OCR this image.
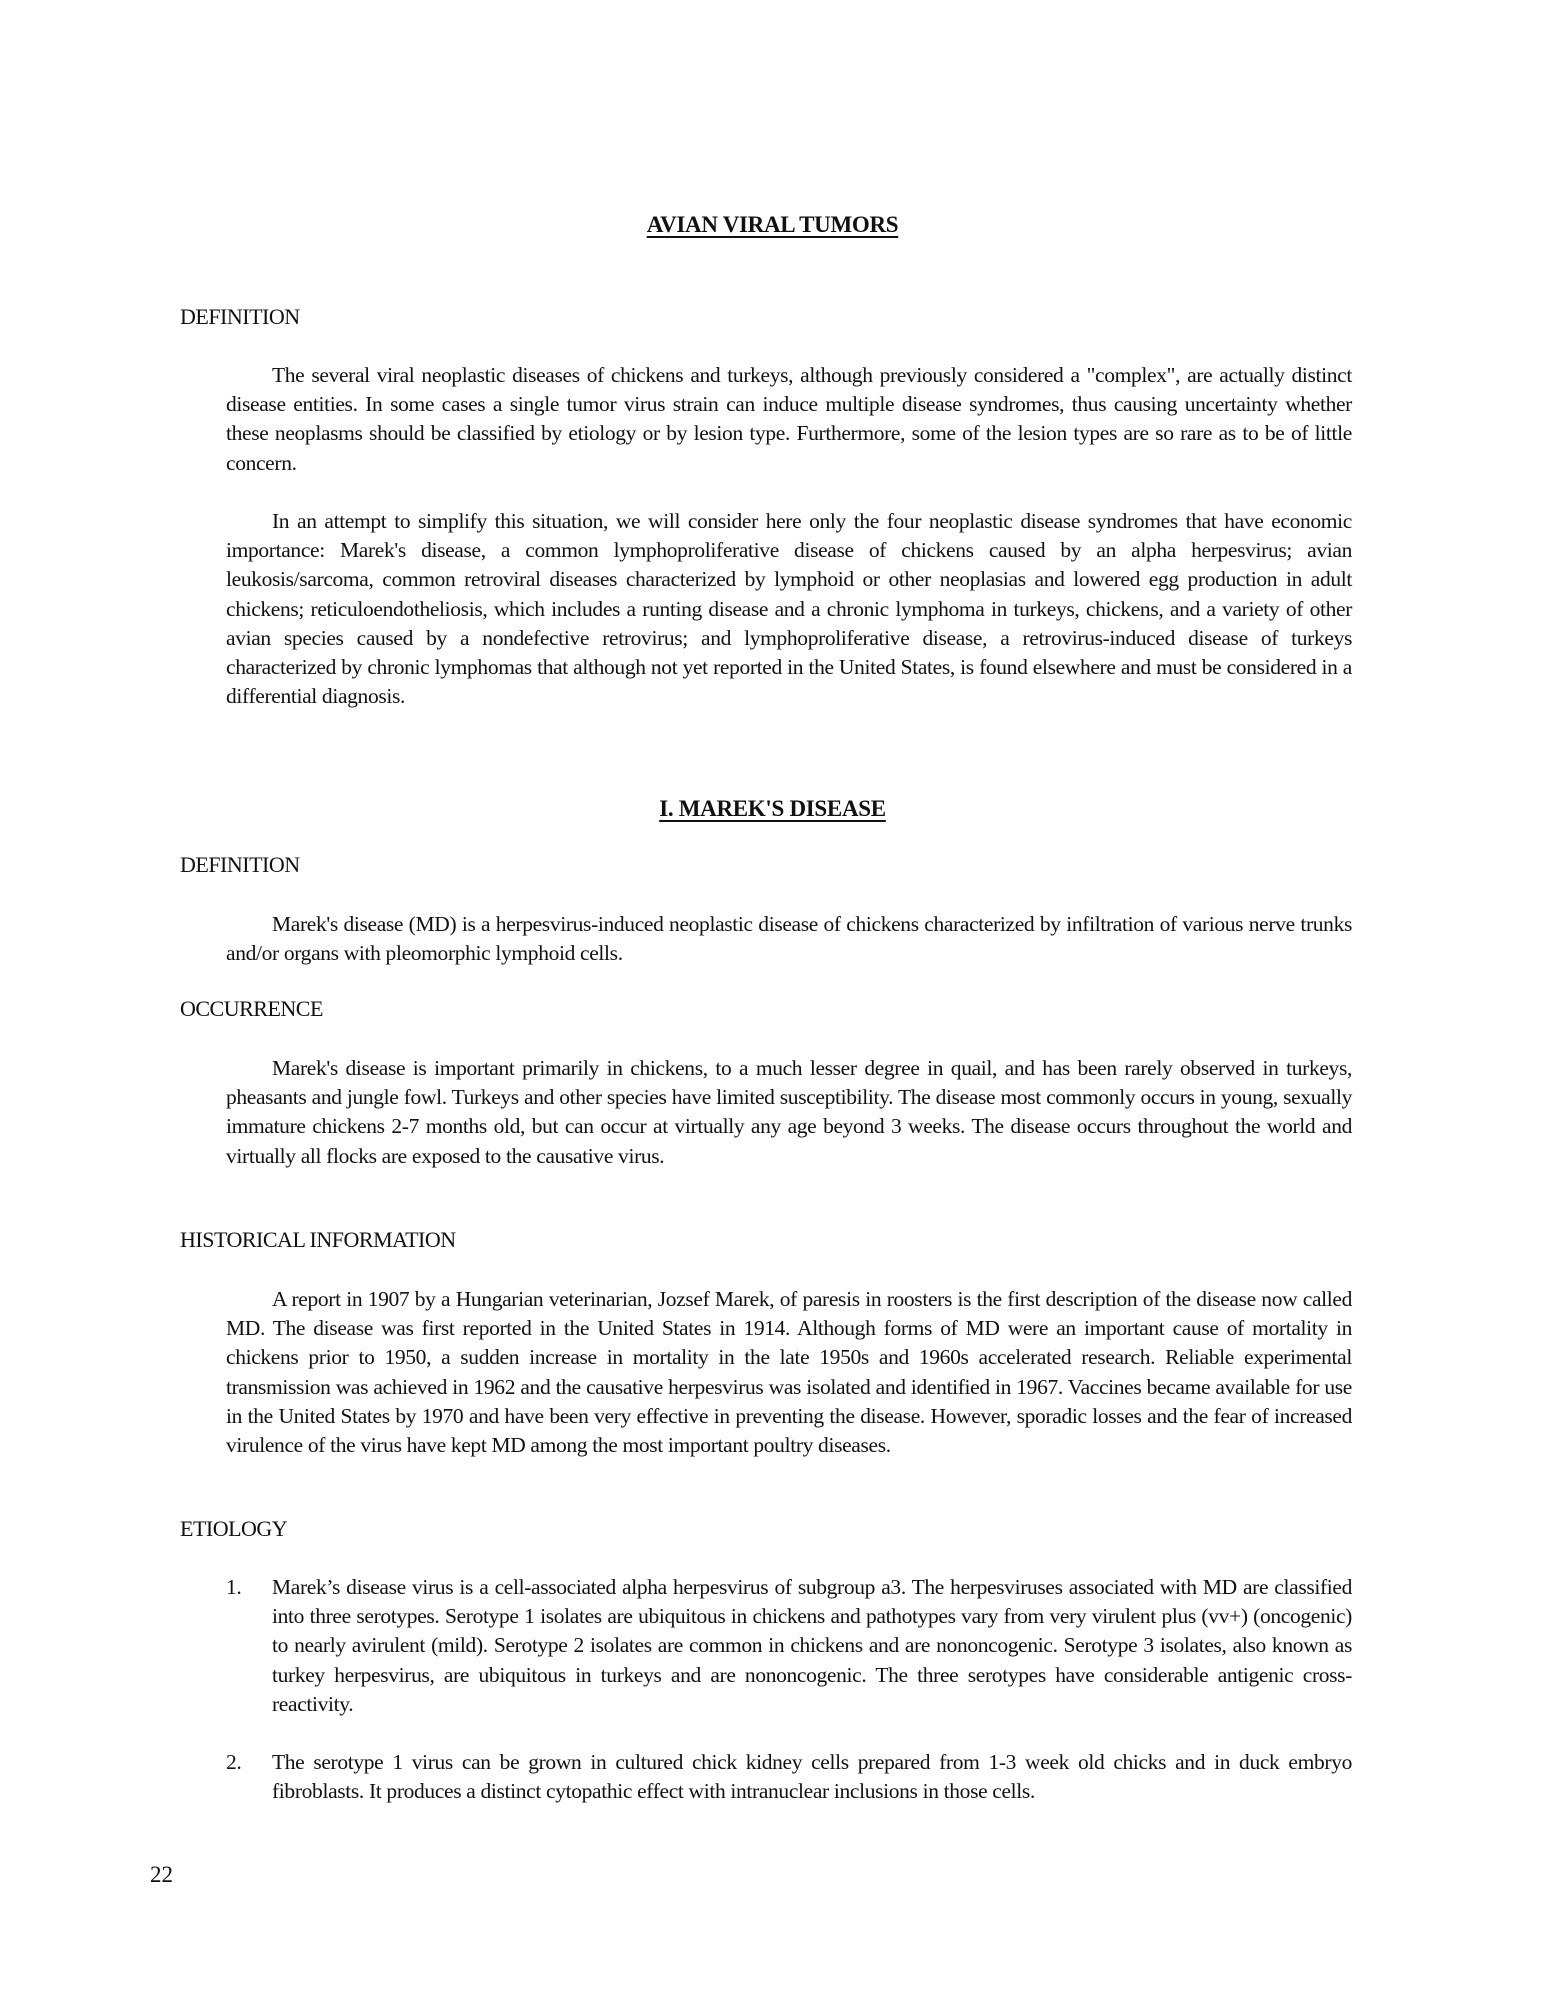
AVIAN VIRAL TUMORS
DEFINITION

The several viral neoplastic diseases of chickens and turkeys, although previously considered a "complex", are actually distinct disease entities. In some cases a single tumor virus strain can induce multiple disease syndromes, thus causing uncertainty whether these neoplasms should be classified by etiology or by lesion type. Furthermore, some of the lesion types are so rare as to be of little concern.

In an attempt to simplify this situation, we will consider here only the four neoplastic disease syndromes that have economic importance: Marek's disease, a common lymphoproliferative disease of chickens caused by an alpha herpesvirus; avian leukosis/sarcoma, common retroviral diseases characterized by lymphoid or other neoplasias and lowered egg production in adult chickens; reticuloendotheliosis, which includes a runting disease and a chronic lymphoma in turkeys, chickens, and a variety of other avian species caused by a nondefective retrovirus; and lymphoproliferative disease, a retrovirus-induced disease of turkeys characterized by chronic lymphomas that although not yet reported in the United States, is found elsewhere and must be considered in a differential diagnosis.

I. MAREK'S DISEASE
DEFINITION

Marek's disease (MD) is a herpesvirus-induced neoplastic disease of chickens characterized by infiltration of various nerve trunks and/or organs with pleomorphic lymphoid cells.

OCCURRENCE

Marek's disease is important primarily in chickens, to a much lesser degree in quail, and has been rarely observed in turkeys, pheasants and jungle fowl. Turkeys and other species have limited susceptibility. The disease most commonly occurs in young, sexually immature chickens 2-7 months old, but can occur at virtually any age beyond 3 weeks. The disease occurs throughout the world and virtually all flocks are exposed to the causative virus.

HISTORICAL INFORMATION

A report in 1907 by a Hungarian veterinarian, Jozsef Marek, of paresis in roosters is the first description of the disease now called MD. The disease was first reported in the United States in 1914. Although forms of MD were an important cause of mortality in chickens prior to 1950, a sudden increase in mortality in the late 1950s and 1960s accelerated research. Reliable experimental transmission was achieved in 1962 and the causative herpesvirus was isolated and identified in 1967. Vaccines became available for use in the United States by 1970 and have been very effective in preventing the disease. However, sporadic losses and the fear of increased virulence of the virus have kept MD among the most important poultry diseases.

ETIOLOGY
1.	Marek’s disease virus is a cell-associated alpha herpesvirus of subgroup a3. The herpesviruses associated with MD are classified into three serotypes. Serotype 1 isolates are ubiquitous in chickens and pathotypes vary from very virulent plus (vv+) (oncogenic) to nearly avirulent (mild). Serotype 2 isolates are common in chickens and are nononcogenic. Serotype 3 isolates, also known as turkey herpesvirus, are ubiquitous in turkeys and are nononcogenic. The three serotypes have considerable antigenic cross-reactivity.
2.	The serotype 1 virus can be grown in cultured chick kidney cells prepared from 1-3 week old chicks and in duck embryo fibroblasts. It produces a distinct cytopathic effect with intranuclear inclusions in those cells.
22
